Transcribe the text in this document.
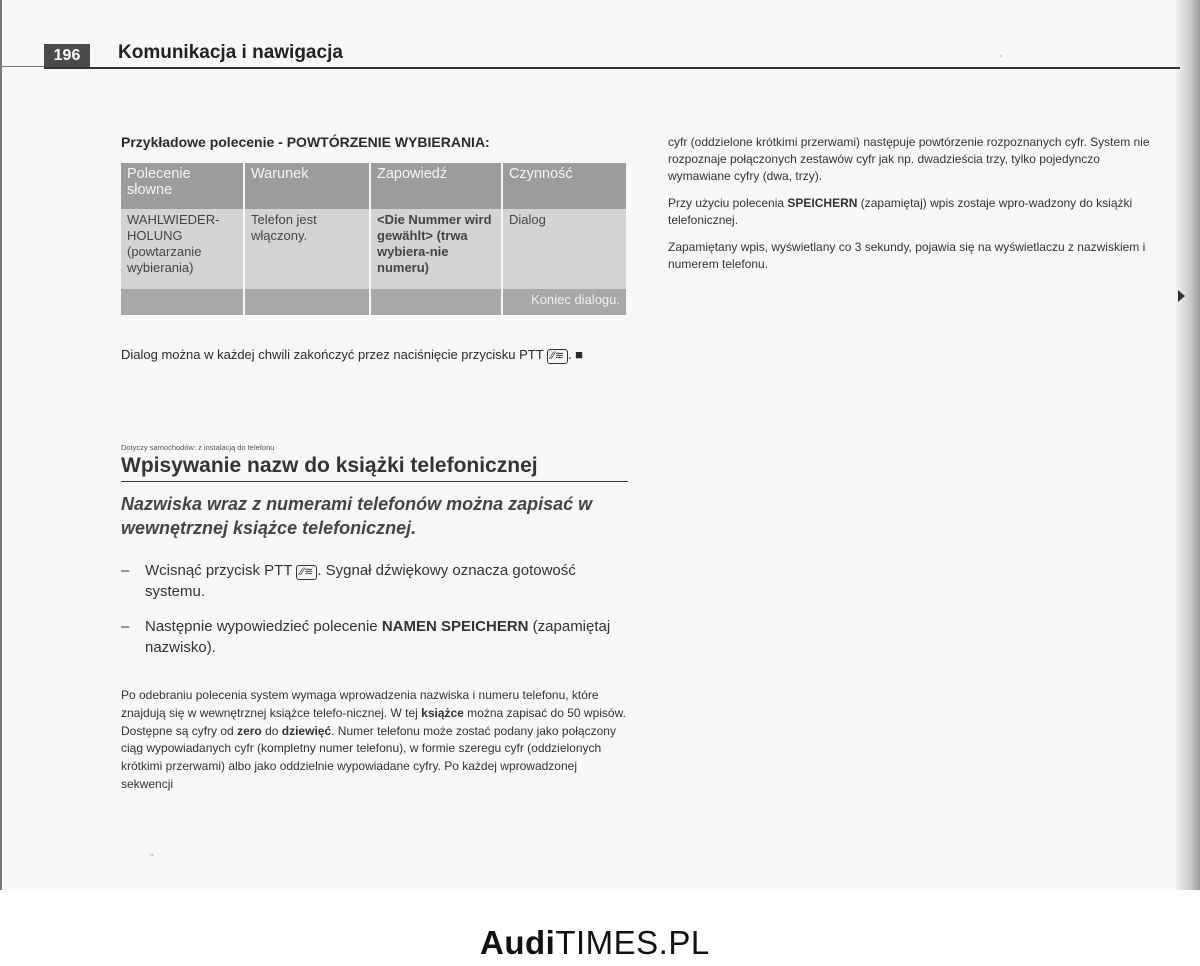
196	Komunikacja i nawigacja	'
Przykładowe polecenie - POWTÓRZENIE WYBIERANIA:
Polecenie słowne	Warunek	Zapowiedź	Czynność
WAHLWIEDER-HOLUNG (powtarzanie wybierania)	Telefon jest włączony.	<Die Nummer wird gewählt> (trwa wybiera-nie numeru)	Dialog
			Koniec dialogu.
Dialog można w każdej chwili zakończyć przez naciśnięcie przycisku PTT ⁄⁄≋ . ■
Dotyczy samochodów: z instalacją do telefonu
Wpisywanie nazw do książki telefonicznej
Nazwiska wraz z numerami telefonów można zapisać w wewnętrznej książce telefonicznej.
– Wcisnąć przycisk PTT ⁄⁄≋ . Sygnał dźwiękowy oznacza gotowość systemu.
– Następnie wypowiedzieć polecenie NAMEN SPEICHERN (zapamiętaj nazwisko).
Po odebraniu polecenia system wymaga wprowadzenia nazwiska i numeru telefonu, które znajdują się w wewnętrznej książce telefo-nicznej. W tej książce można zapisać do 50 wpisów. Dostępne są cyfry od zero do dziewięć. Numer telefonu może zostać podany jako połączony ciąg wypowiadanych cyfr (kompletny numer telefonu), w formie szeregu cyfr (oddzielonych krótkimi przerwami) albo jako oddzielnie wypowiadane cyfry. Po każdej wprowadzonej sekwencji

cyfr (oddzielone krótkimi przerwami) następuje powtórzenie rozpoznanych cyfr. System nie rozpoznaje połączonych zestawów cyfr jak np. dwadzieścia trzy, tylko pojedynczo wymawiane cyfry (dwa, trzy).

Przy użyciu polecenia SPEICHERN (zapamiętaj) wpis zostaje wpro-wadzony do książki telefonicznej.

Zapamiętany wpis, wyświetlany co 3 sekundy, pojawia się na wyświetlaczu z nazwiskiem i numerem telefonu.

''
AudiTIMES.PL
